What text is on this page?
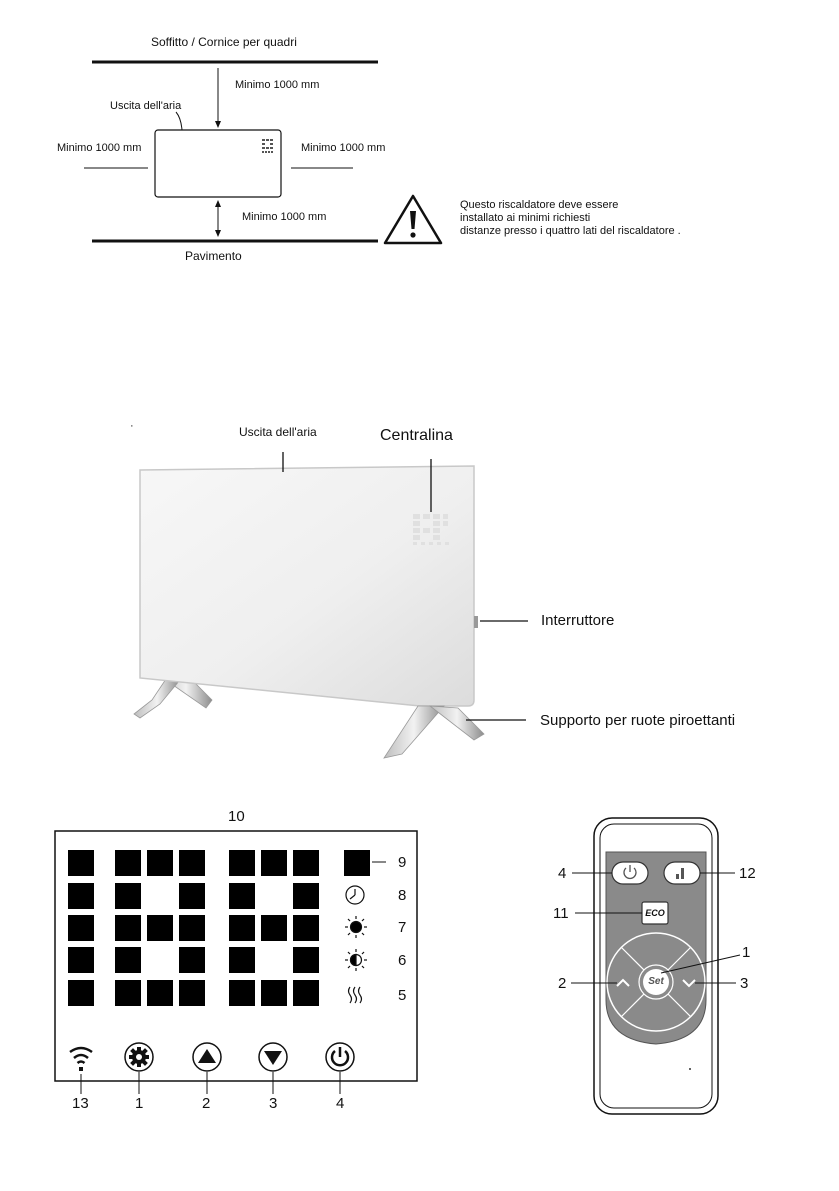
Soffitto / Cornice per quadri
Minimo 1000 mm
Uscita dell'aria
Minimo 1000 mm	Minimo 1000 mm
Minimo 1000 mm
Pavimento
Questo riscaldatore deve essere
installato ai minimi richiesti
distanze presso i quattro lati del riscaldatore .
·	Uscita dell'aria	Centralina
Interruttore
Supporto per ruote piroettanti
10
9
8
7
6
5
13	1	2	3	4
ECO
Set
4	12
11
1
2	3
